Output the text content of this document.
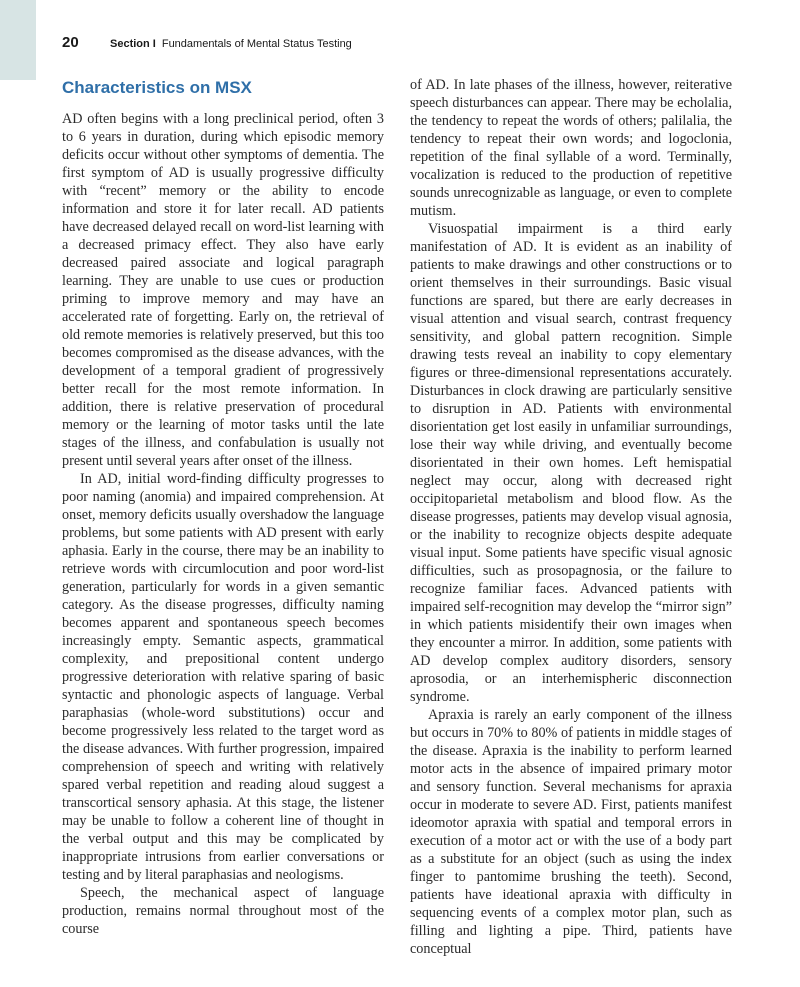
20	Section I Fundamentals of Mental Status Testing
Characteristics on MSX

AD often begins with a long preclinical period, often 3 to 6 years in duration, during which episodic memory deficits occur without other symptoms of dementia. The first symptom of AD is usually progressive difficulty with “recent” memory or the ability to encode information and store it for later recall. AD patients have decreased delayed recall on word-list learning with a decreased primacy effect. They also have early decreased paired associate and logical paragraph learning. They are unable to use cues or production priming to improve memory and may have an accelerated rate of forgetting. Early on, the retrieval of old remote memories is relatively preserved, but this too becomes compromised as the disease advances, with the development of a temporal gradient of progressively better recall for the most remote information. In addition, there is relative preservation of procedural memory or the learning of motor tasks until the late stages of the illness, and confabulation is usually not present until several years after onset of the illness.

In AD, initial word-finding difficulty progresses to poor naming (anomia) and impaired comprehension. At onset, memory deficits usually overshadow the language problems, but some patients with AD present with early aphasia. Early in the course, there may be an inability to retrieve words with circumlocution and poor word-list generation, particularly for words in a given semantic category. As the disease progresses, difficulty naming becomes apparent and spontaneous speech becomes increasingly empty. Semantic aspects, grammatical complexity, and prepositional content undergo progressive deterioration with relative sparing of basic syntactic and phonologic aspects of language. Verbal paraphasias (whole-word substitutions) occur and become progressively less related to the target word as the disease advances. With further progression, impaired comprehension of speech and writing with relatively spared verbal repetition and reading aloud suggest a transcortical sensory aphasia. At this stage, the listener may be unable to follow a coherent line of thought in the verbal output and this may be complicated by inappropriate intrusions from earlier conversations or testing and by literal paraphasias and neologisms.

Speech, the mechanical aspect of language production, remains normal throughout most of the course

of AD. In late phases of the illness, however, reiterative speech disturbances can appear. There may be echolalia, the tendency to repeat the words of others; palilalia, the tendency to repeat their own words; and logoclonia, repetition of the final syllable of a word. Terminally, vocalization is reduced to the production of repetitive sounds unrecognizable as language, or even to complete mutism.

Visuospatial impairment is a third early manifestation of AD. It is evident as an inability of patients to make drawings and other constructions or to orient themselves in their surroundings. Basic visual functions are spared, but there are early decreases in visual attention and visual search, contrast frequency sensitivity, and global pattern recognition. Simple drawing tests reveal an inability to copy elementary figures or three-dimensional representations accurately. Disturbances in clock drawing are particularly sensitive to disruption in AD. Patients with environmental disorientation get lost easily in unfamiliar surroundings, lose their way while driving, and eventually become disorientated in their own homes. Left hemispatial neglect may occur, along with decreased right occipitoparietal metabolism and blood flow. As the disease progresses, patients may develop visual agnosia, or the inability to recognize objects despite adequate visual input. Some patients have specific visual agnosic difficulties, such as prosopagnosia, or the failure to recognize familiar faces. Advanced patients with impaired self-recognition may develop the “mirror sign” in which patients misidentify their own images when they encounter a mirror. In addition, some patients with AD develop complex auditory disorders, sensory aprosodia, or an interhemispheric disconnection syndrome.

Apraxia is rarely an early component of the illness but occurs in 70% to 80% of patients in middle stages of the disease. Apraxia is the inability to perform learned motor acts in the absence of impaired primary motor and sensory function. Several mechanisms for apraxia occur in moderate to severe AD. First, patients manifest ideomotor apraxia with spatial and temporal errors in execution of a motor act or with the use of a body part as a substitute for an object (such as using the index finger to pantomime brushing the teeth). Second, patients have ideational apraxia with difficulty in sequencing events of a complex motor plan, such as filling and lighting a pipe. Third, patients have conceptual
